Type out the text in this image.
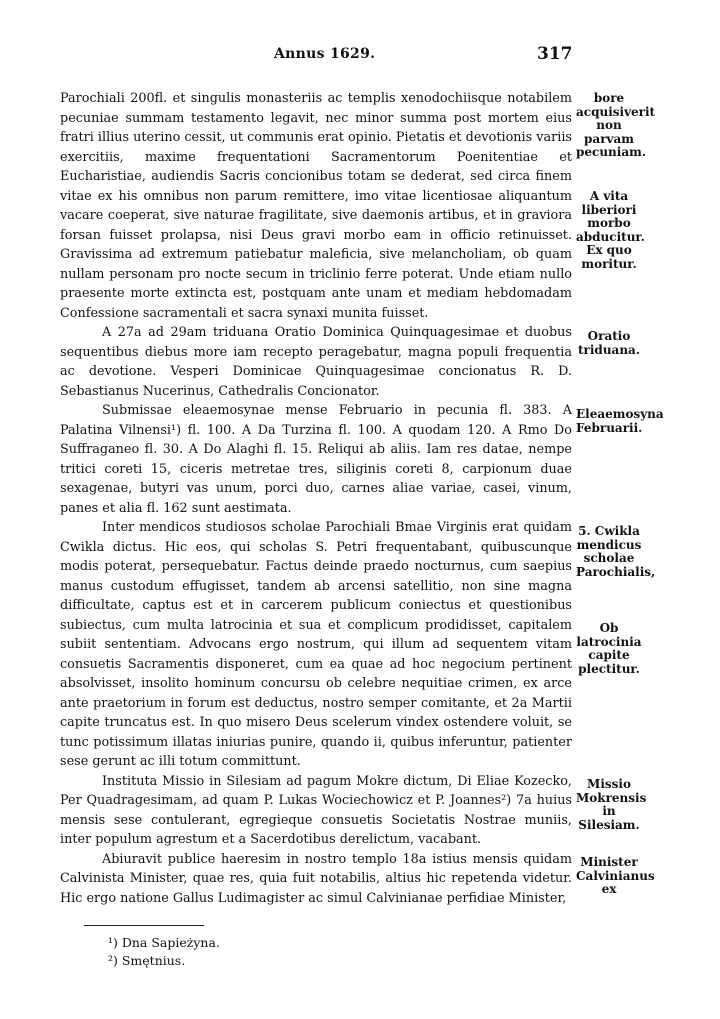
Annus 1629.	317

Parochiali 200fl. et singulis monasteriis ac templis xenodochiisque notabilem pecuniae summam testamento legavit, nec minor summa post mortem eius fratri illius uterino cessit, ut communis erat opinio. Pietatis et devotionis variis exercitiis, maxime frequentationi Sacramentorum Poenitentiae et Eucharistiae, audiendis Sacris concionibus totam se dederat, sed circa finem vitae ex his omnibus non parum remittere, imo vitae licentiosae aliquantum vacare coeperat, sive naturae fragilitate, sive daemonis artibus, et in graviora forsan fuisset prolapsa, nisi Deus gravi morbo eam in officio retinuisset. Gravissima ad extremum patiebatur maleficia, sive melancholiam, ob quam nullam personam pro nocte secum in triclinio ferre poterat. Unde etiam nullo praesente morte extincta est, postquam ante unam et mediam hebdomadam Confessione sacramentali et sacra synaxi munita fuisset.

A 27a ad 29am triduana Oratio Dominica Quinquagesimae et duobus sequentibus diebus more iam recepto peragebatur, magna populi frequentia ac devotione. Vesperi Dominicae Quinquagesimae concionatus R. D. Sebastianus Nucerinus, Cathedralis Concionator.

Submissae eleaemosynae mense Februario in pecunia fl. 383. A Palatina Vilnensi¹) fl. 100. A Da Turzina fl. 100. A quodam 120. A Rmo Do Suffraganeo fl. 30. A Do Alaghi fl. 15. Reliqui ab aliis. Iam res datae, nempe tritici coreti 15, ciceris metretae tres, siliginis coreti 8, carpionum duae sexagenae, butyri vas unum, porci duo, carnes aliae variae, casei, vinum, panes et alia fl. 162 sunt aestimata.

Inter mendicos studiosos scholae Parochiali Bmae Virginis erat quidam Cwikla dictus. Hic eos, qui scholas S. Petri frequentabant, quibuscunque modis poterat, persequebatur. Factus deinde praedo nocturnus, cum saepius manus custodum effugisset, tandem ab arcensi satellitio, non sine magna difficultate, captus est et in carcerem publicum coniectus et questionibus subiectus, cum multa latrocinia et sua et complicum prodidisset, capitalem subiit sententiam. Advocans ergo nostrum, qui illum ad sequentem vitam consuetis Sacramentis disponeret, cum ea quae ad hoc negocium pertinent absolvisset, insolito hominum concursu ob celebre nequitiae crimen, ex arce ante praetorium in forum est deductus, nostro semper comitante, et 2a Martii capite truncatus est. In quo misero Deus scelerum vindex ostendere voluit, se tunc potissimum illatas iniurias punire, quando ii, quibus inferuntur, patienter sese gerunt ac illi totum committunt.

Instituta Missio in Silesiam ad pagum Mokre dictum, Di Eliae Kozecko, Per Quadragesimam, ad quam P. Lukas Wociechowicz et P. Joannes²) 7a huius mensis sese contulerant, egregieque consuetis Societatis Nostrae muniis, inter populum agrestum et a Sacerdotibus derelictum, vacabant.

Abiuravit publice haeresim in nostro templo 18a istius mensis quidam Calvinista Minister, quae res, quia fuit notabilis, altius hic repetenda videtur. Hic ergo natione Gallus Ludimagister ac simul Calvinianae perfidiae Minister,

bore acquisiverit non parvam pecuniam.
A vita liberiori morbo abducitur. Ex quo moritur.
Oratio triduana.
Eleaemosyna Februarii.
5. Cwikla mendicus scholae Parochialis,
Ob latrocinia capite plectitur.
Missio Mokrensis in Silesiam.
Minister Calvinianus ex
¹) Dna Sapieżyna.
²) Smętnius.
